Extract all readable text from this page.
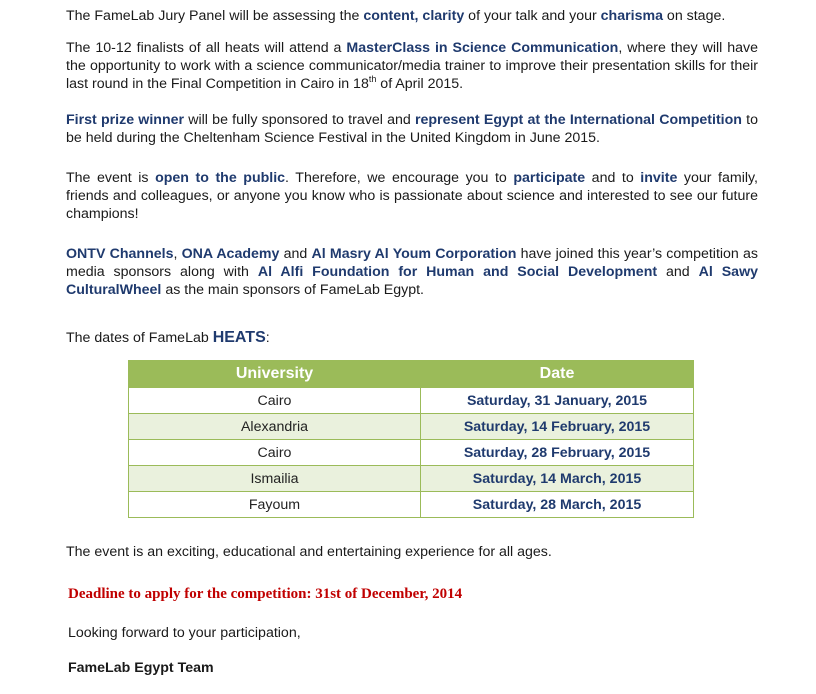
The FameLab Jury Panel will be assessing the content, clarity of your talk and your charisma on stage.

The 10-12 finalists of all heats will attend a MasterClass in Science Communication, where they will have the opportunity to work with a science communicator/media trainer to improve their presentation skills for their last round in the Final Competition in Cairo in 18th of April 2015.

First prize winner will be fully sponsored to travel and represent Egypt at the International Competition to be held during the Cheltenham Science Festival in the United Kingdom in June 2015.

The event is open to the public. Therefore, we encourage you to participate and to invite your family, friends and colleagues, or anyone you know who is passionate about science and interested to see our future champions!

ONTV Channels, ONA Academy and Al Masry Al Youm Corporation have joined this year’s competition as media sponsors along with Al Alfi Foundation for Human and Social Development and Al Sawy CulturalWheel as the main sponsors of FameLab Egypt.

The dates of FameLab HEATS:

University	Date
Cairo	Saturday, 31 January, 2015
Alexandria	Saturday, 14 February, 2015
Cairo	Saturday, 28 February, 2015
Ismailia	Saturday, 14 March, 2015
Fayoum	Saturday, 28 March, 2015

The event is an exciting, educational and entertaining experience for all ages.

Deadline to apply for the competition: 31st of December, 2014

Looking forward to your participation,

FameLab Egypt Team
